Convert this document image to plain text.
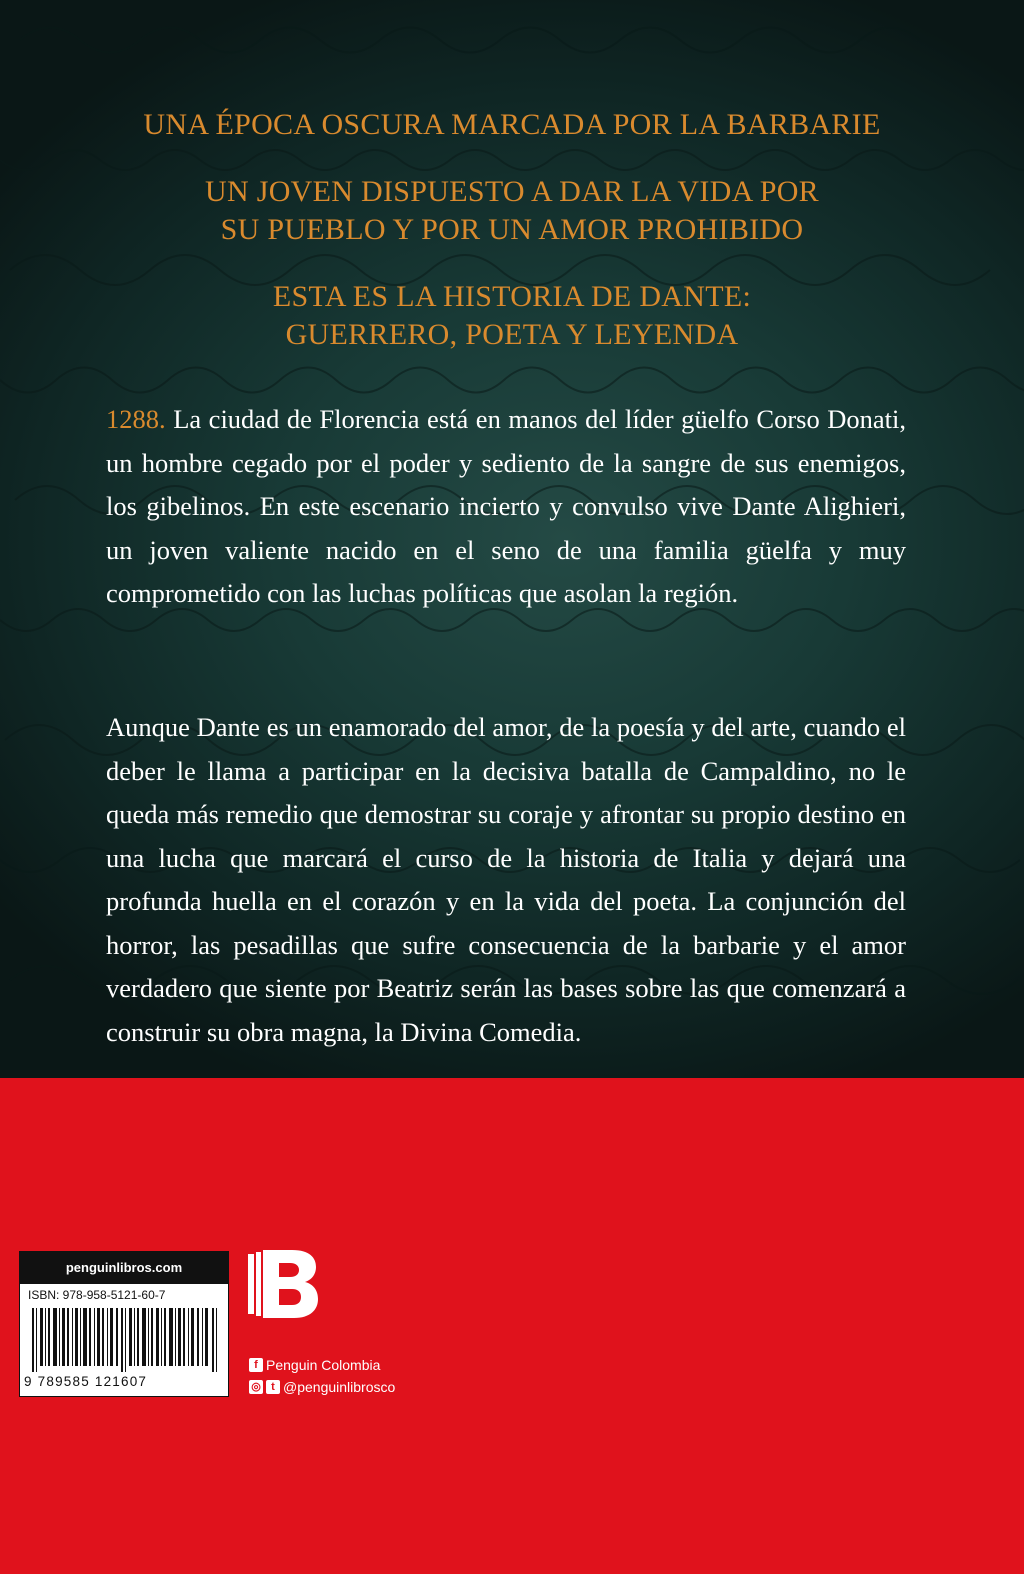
UNA ÉPOCA OSCURA MARCADA POR LA BARBARIE
UN JOVEN DISPUESTO A DAR LA VIDA POR
SU PUEBLO Y POR UN AMOR PROHIBIDO
ESTA ES LA HISTORIA DE DANTE:
GUERRERO, POETA Y LEYENDA

1288. La ciudad de Florencia está en manos del líder güelfo Corso Donati, un hombre cegado por el poder y sediento de la sangre de sus enemigos, los gibelinos. En este escenario incierto y convulso vive Dante Alighieri, un joven valiente nacido en el seno de una familia güelfa y muy comprometido con las luchas políticas que asolan la región.

Aunque Dante es un enamorado del amor, de la poesía y del arte, cuando el deber le llama a participar en la decisiva batalla de Campaldino, no le queda más remedio que demostrar su coraje y afrontar su propio destino en una lucha que marcará el curso de la historia de Italia y dejará una profunda huella en el corazón y en la vida del poeta. La conjunción del horror, las pesadillas que sufre consecuencia de la barbarie y el amor verdadero que siente por Beatriz serán las bases sobre las que comenzará a construir su obra magna, la Divina Comedia.

penguinlibros.com
ISBN: 978-958-5121-60-7
9 789585 121607
f Penguin Colombia
◎ t @penguinlibrosco
